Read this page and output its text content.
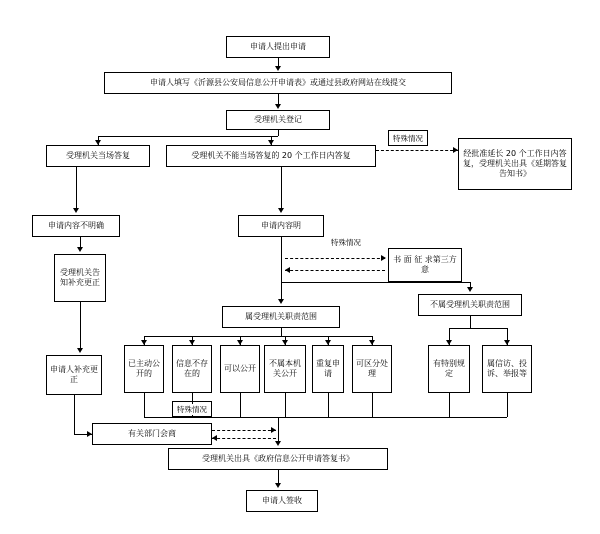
申请人提出申请
申请人填写《沂源县公安局信息公开申请表》或通过县政府网站在线提交
受理机关登记
受理机关当场答复	受理机关不能当场答复的 20 个工作日内答复	经批准延长 20 个工作日内答复，受理机关出具《延期答复告知书》
申请内容不明确	申请内容明
书 面 征 求第三方意
受理机关告知补充更正
属受理机关职责范围
不属受理机关职责范围
申请人补充更正
已主动公开的
信息不存在的
可以公开
不属本机关公开
重复申请
可区分处理
有特别规定
属信访、投诉、举报等
有关部门会商
受理机关出具《政府信息公开申请答复书》
申请人签收
特殊情况
特殊情况
特殊情况
